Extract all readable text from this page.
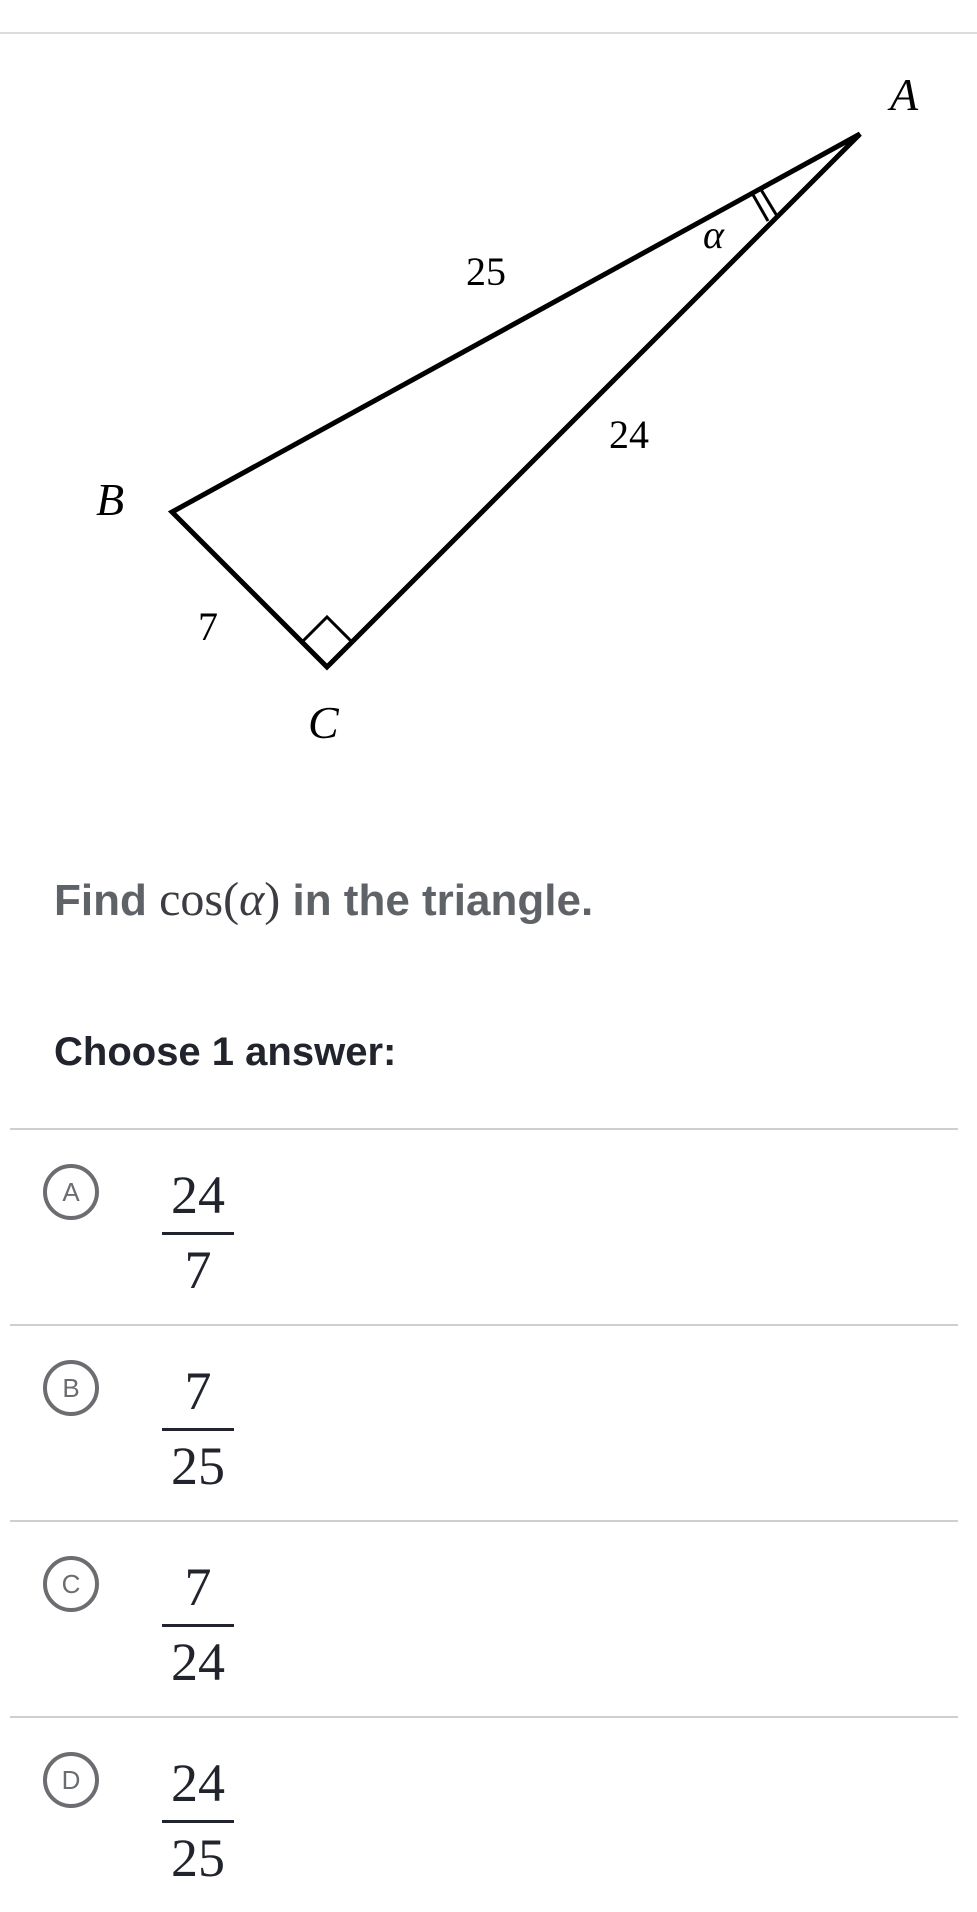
A
B
C
25
24
7
α
Find cos(α) in the triangle.
Choose 1 answer:
A	24
7
B	7
25
C	7
24
D	24
25
